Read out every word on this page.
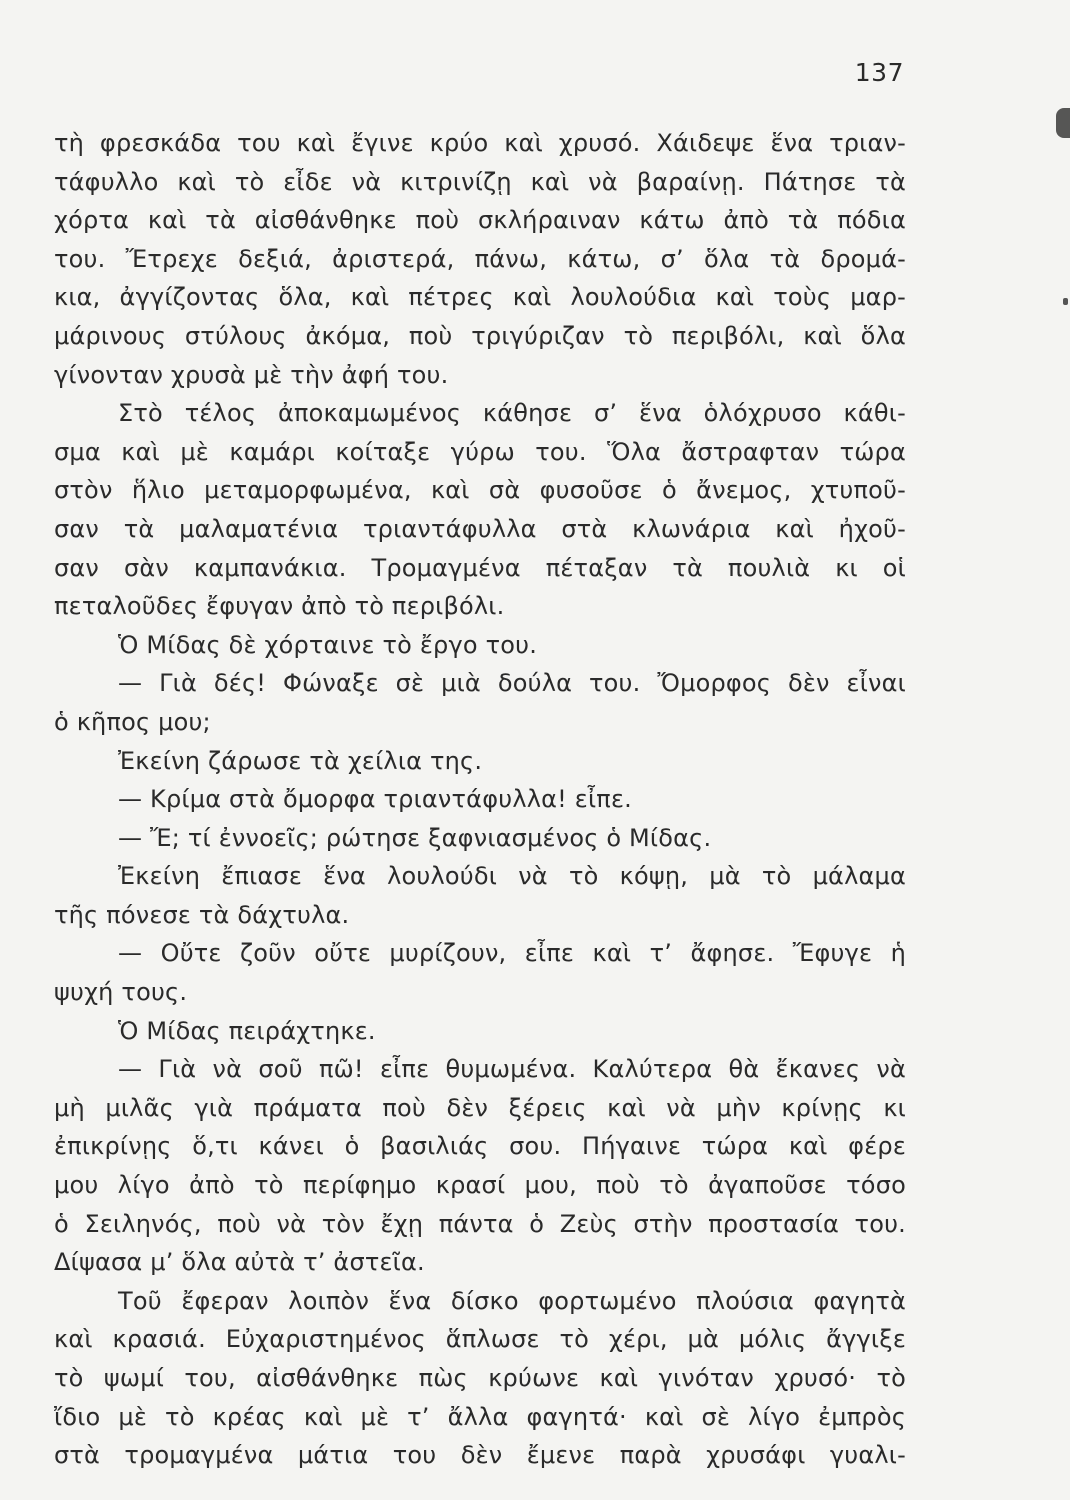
137
τὴ φρεσκάδα του καὶ ἔγινε κρύο καὶ χρυσό. Χάιδεψε ἕνα τριαν-
τάφυλλο καὶ τὸ εἶδε νὰ κιτρινίζῃ καὶ νὰ βαραίνῃ. Πάτησε τὰ
χόρτα καὶ τὰ αἰσθάνθηκε ποὺ σκλήραιναν κάτω ἀπὸ τὰ πόδια
του. Ἔτρεχε δεξιά, ἀριστερά, πάνω, κάτω, σ’ ὅλα τὰ δρομά-
κια, ἀγγίζοντας ὅλα, καὶ πέτρες καὶ λουλούδια καὶ τοὺς μαρ-
μάρινους στύλους ἀκόμα, ποὺ τριγύριζαν τὸ περιβόλι, καὶ ὅλα
γίνονταν χρυσὰ μὲ τὴν ἀφή του.
Στὸ τέλος ἀποκαμωμένος κάθησε σ’ ἕνα ὁλόχρυσο κάθι-
σμα καὶ μὲ καμάρι κοίταξε γύρω του. Ὅλα ἄστραφταν τώρα
στὸν ἥλιο μεταμορφωμένα, καὶ σὰ φυσοῦσε ὁ ἄνεμος, χτυποῦ-
σαν τὰ μαλαματένια τριαντάφυλλα στὰ κλωνάρια καὶ ἠχοῦ-
σαν σὰν καμπανάκια. Τρομαγμένα πέταξαν τὰ πουλιὰ κι οἱ
πεταλοῦδες ἔφυγαν ἀπὸ τὸ περιβόλι.
Ὁ Μίδας δὲ χόρταινε τὸ ἔργο του.
— Γιὰ δές! Φώναξε σὲ μιὰ δούλα του. Ὄμορφος δὲν εἶναι
ὁ κῆπος μου;
Ἐκείνη ζάρωσε τὰ χείλια της.
— Κρίμα στὰ ὄμορφα τριαντάφυλλα! εἶπε.
— Ἔ; τί ἐννοεῖς; ρώτησε ξαφνιασμένος ὁ Μίδας.
Ἐκείνη ἔπιασε ἕνα λουλούδι νὰ τὸ κόψῃ, μὰ τὸ μάλαμα
τῆς πόνεσε τὰ δάχτυλα.
— Οὔτε ζοῦν οὔτε μυρίζουν, εἶπε καὶ τ’ ἄφησε. Ἔφυγε ἡ
ψυχή τους.
Ὁ Μίδας πειράχτηκε.
— Γιὰ νὰ σοῦ πῶ! εἶπε θυμωμένα. Καλύτερα θὰ ἔκανες νὰ
μὴ μιλᾶς γιὰ πράματα ποὺ δὲν ξέρεις καὶ νὰ μὴν κρίνῃς κι
ἐπικρίνῃς ὅ,τι κάνει ὁ βασιλιάς σου. Πήγαινε τώρα καὶ φέρε
μου λίγο ἀπὸ τὸ περίφημο κρασί μου, ποὺ τὸ ἀγαποῦσε τόσο
ὁ Σειληνός, ποὺ νὰ τὸν ἔχῃ πάντα ὁ Ζεὺς στὴν προστασία του.
Δίψασα μ’ ὅλα αὐτὰ τ’ ἀστεῖα.
Τοῦ ἔφεραν λοιπὸν ἕνα δίσκο φορτωμένο πλούσια φαγητὰ
καὶ κρασιά. Εὐχαριστημένος ἅπλωσε τὸ χέρι, μὰ μόλις ἄγγιξε
τὸ ψωμί του, αἰσθάνθηκε πὼς κρύωνε καὶ γινόταν χρυσό· τὸ
ἴδιο μὲ τὸ κρέας καὶ μὲ τ’ ἄλλα φαγητά· καὶ σὲ λίγο ἐμπρὸς
στὰ τρομαγμένα μάτια του δὲν ἔμενε παρὰ χρυσάφι γυαλι-
